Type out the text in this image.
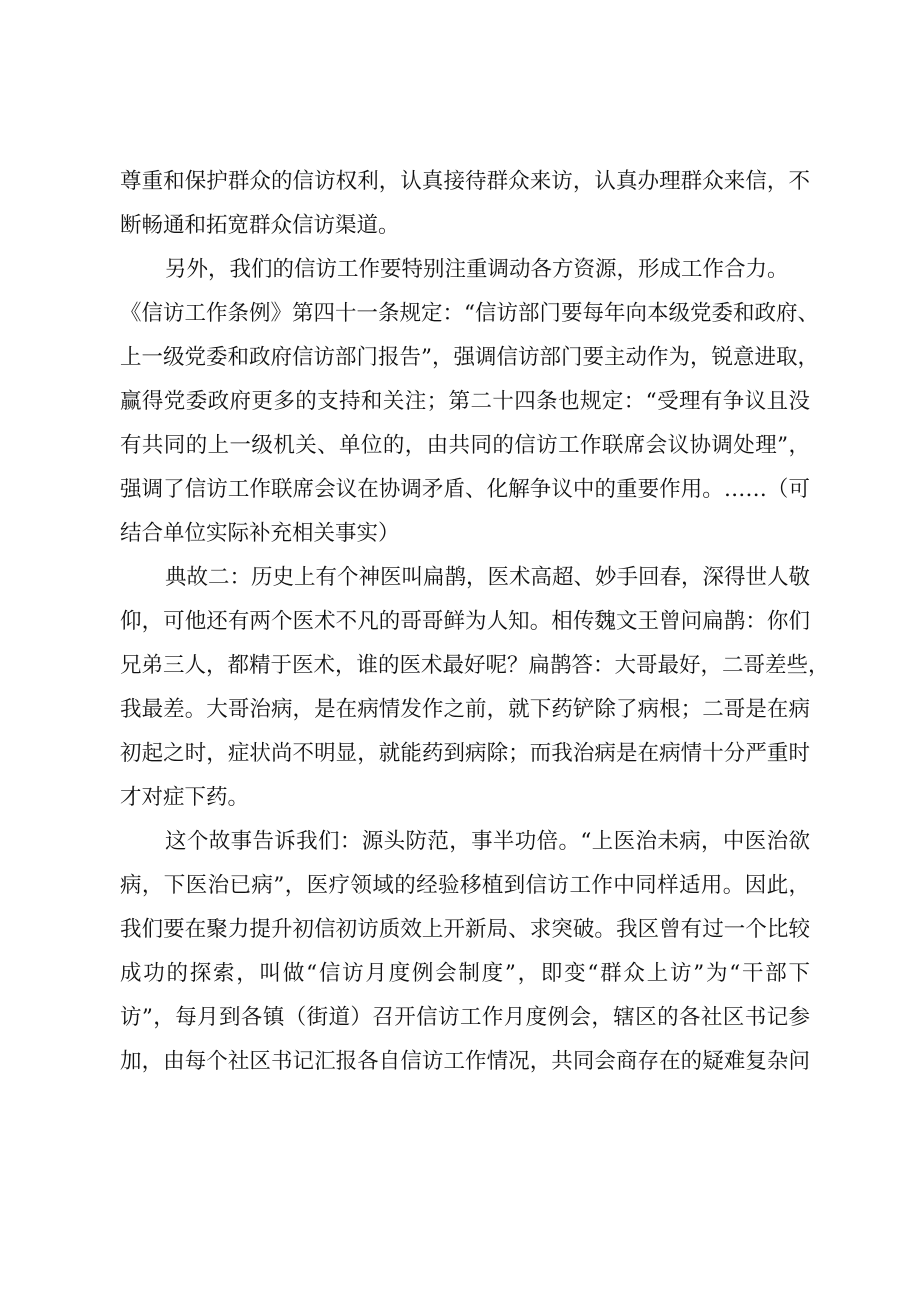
尊重和保护群众的信访权利，认真接待群众来访，认真办理群众来信，不
断畅通和拓宽群众信访渠道。
另外，我们的信访工作要特别注重调动各方资源，形成工作合力。
《信访工作条例》第四十一条规定：“信访部门要每年向本级党委和政府、
上一级党委和政府信访部门报告”，强调信访部门要主动作为，锐意进取，
赢得党委政府更多的支持和关注；第二十四条也规定：“受理有争议且没
有共同的上一级机关、单位的，由共同的信访工作联席会议协调处理”，
强调了信访工作联席会议在协调矛盾、化解争议中的重要作用。……（可
结合单位实际补充相关事实）
典故二：历史上有个神医叫扁鹊，医术高超、妙手回春，深得世人敬
仰，可他还有两个医术不凡的哥哥鲜为人知。相传魏文王曾问扁鹊：你们
兄弟三人，都精于医术，谁的医术最好呢？扁鹊答：大哥最好，二哥差些，
我最差。大哥治病，是在病情发作之前，就下药铲除了病根；二哥是在病
初起之时，症状尚不明显，就能药到病除；而我治病是在病情十分严重时
才对症下药。
这个故事告诉我们：源头防范，事半功倍。“上医治未病，中医治欲
病，下医治已病”，医疗领域的经验移植到信访工作中同样适用。因此，
我们要在聚力提升初信初访质效上开新局、求突破。我区曾有过一个比较
成功的探索，叫做“信访月度例会制度”，即变“群众上访”为“干部下
访”，每月到各镇（街道）召开信访工作月度例会，辖区的各社区书记参
加，由每个社区书记汇报各自信访工作情况，共同会商存在的疑难复杂问
